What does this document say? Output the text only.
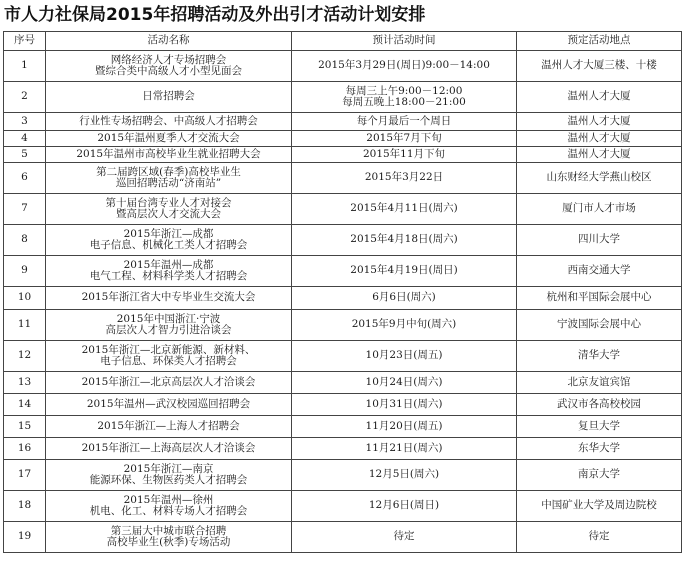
市人力社保局2015年招聘活动及外出引才活动计划安排
序号	活动名称	预计活动时间	预定活动地点
1	网络经济人才专场招聘会
暨综合类中高级人才小型见面会	2015年3月29日(周日)9:00－14:00	温州人才大厦三楼、十楼

2	日常招聘会	每周三上午9:00－12:00
每周五晚上18:00－21:00	温州人才大厦

3	行业性专场招聘会、中高级人才招聘会	每个月最后一个周日	温州人才大厦

4	2015年温州夏季人才交流大会	2015年7月下旬	温州人才大厦

5	2015年温州市高校毕业生就业招聘大会	2015年11月下旬	温州人才大厦

6	第二届跨区域(春季)高校毕业生
巡回招聘活动“济南站”	2015年3月22日	山东财经大学燕山校区

7	第十届台湾专业人才对接会
暨高层次人才交流大会	2015年4月11日(周六)	厦门市人才市场

8	2015年浙江—成都
电子信息、机械化工类人才招聘会	2015年4月18日(周六)	四川大学

9	2015年温州—成都
电气工程、材料科学类人才招聘会	2015年4月19日(周日)	西南交通大学

10	2015年浙江省大中专毕业生交流大会	6月6日(周六)	杭州和平国际会展中心

11	2015年中国浙江·宁波
高层次人才智力引进洽谈会	2015年9月中旬(周六)	宁波国际会展中心

12	2015年浙江—北京新能源、新材料、
电子信息、环保类人才招聘会	10月23日(周五)	清华大学

13	2015年浙江—北京高层次人才洽谈会	10月24日(周六)	北京友谊宾馆

14	2015年温州—武汉校园巡回招聘会	10月31日(周六)	武汉市各高校校园

15	2015年浙江—上海人才招聘会	11月20日(周五)	复旦大学

16	2015年浙江—上海高层次人才洽谈会	11月21日(周六)	东华大学

17	2015年浙江—南京
能源环保、生物医药类人才招聘会	12月5日(周六)	南京大学

18	2015年温州—徐州
机电、化工、材料专场人才招聘会	12月6日(周日)	中国矿业大学及周边院校

19	第三届大中城市联合招聘
高校毕业生(秋季)专场活动	待定	待定
